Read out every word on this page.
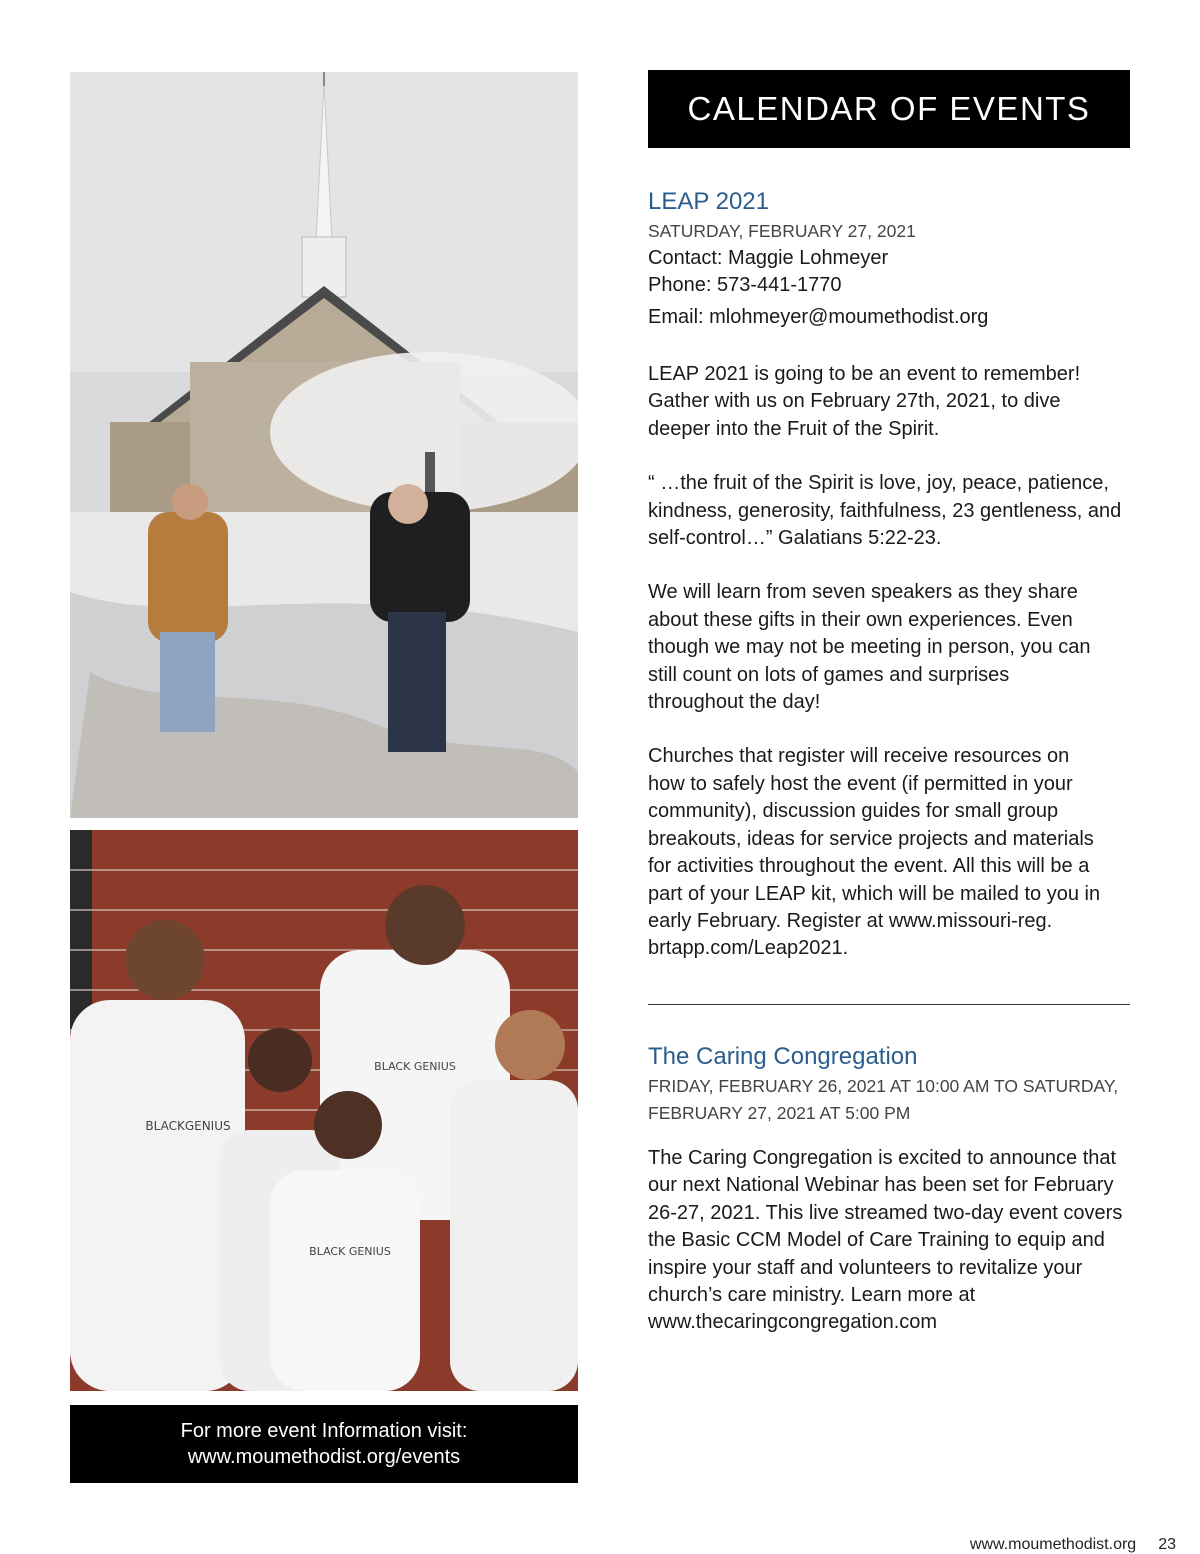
BLACKGENIUS
BLACK GENIUS
BLACK GENIUS
For more event Information visit:
www.moumethodist.org/events
CALENDAR OF EVENTS
LEAP 2021

SATURDAY, FEBRUARY 27, 2021

Contact: Maggie Lohmeyer

Phone: 573-441-1770

Email: mlohmeyer@moumethodist.org

LEAP 2021 is going to be an event to remember! Gather with us on February 27th, 2021, to dive deeper into the Fruit of the Spirit.

“ …the fruit of the Spirit is love, joy, peace, patience, kindness, generosity, faithfulness, 23 gentleness, and self-control…” Galatians 5:22-23.

We will learn from seven speakers as they share about these gifts in their own experiences. Even though we may not be meeting in person, you can still count on lots of games and surprises throughout the day!

Churches that register will receive resources on how to safely host the event (if permitted in your community), discussion guides for small group breakouts, ideas for service projects and materials for activities throughout the event. All this will be a part of your LEAP kit, which will be mailed to you in early February. Register at www.missouri-reg. brtapp.com/Leap2021.

The Caring Congregation

FRIDAY, FEBRUARY 26, 2021 AT 10:00 AM TO SATURDAY, FEBRUARY 27, 2021 AT 5:00 PM

The Caring Congregation is excited to announce that our next National Webinar has been set for February 26-27, 2021. This live streamed two-day event covers the Basic CCM Model of Care Training to equip and inspire your staff and volunteers to revitalize your church’s care ministry. Learn more at www.thecaringcongregation.com

www.moumethodist.org 23
